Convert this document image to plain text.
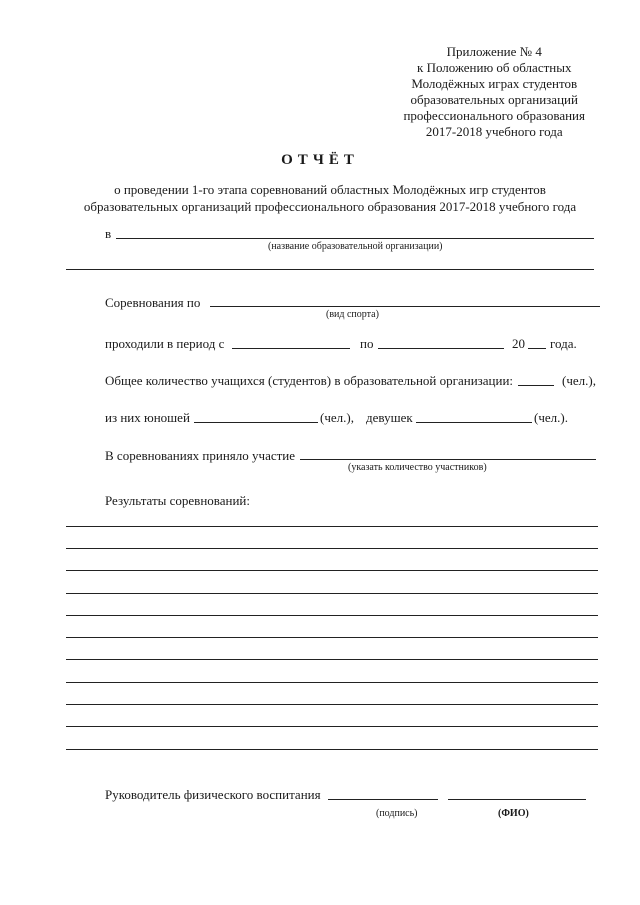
Приложение № 4
к Положению об областных
Молодёжных играх студентов
образовательных организаций
профессионального образования
2017-2018 учебного года
ОТЧЁТ
о проведении 1-го этапа соревнований областных Молодёжных игр студентов
образовательных организаций профессионального образования 2017-2018 учебного года
в
(название образовательной организации)
Соревнования по
(вид спорта)
проходили в период с	по	20 года.
Общее количество учащихся (студентов) в образовательной организации:	(чел.),
из них юношей	(чел.), девушек	(чел.).
В соревнованиях приняло участие
(указать количество участников)
Результаты соревнований:
Руководитель физического воспитания
(подпись)	(ФИО)
